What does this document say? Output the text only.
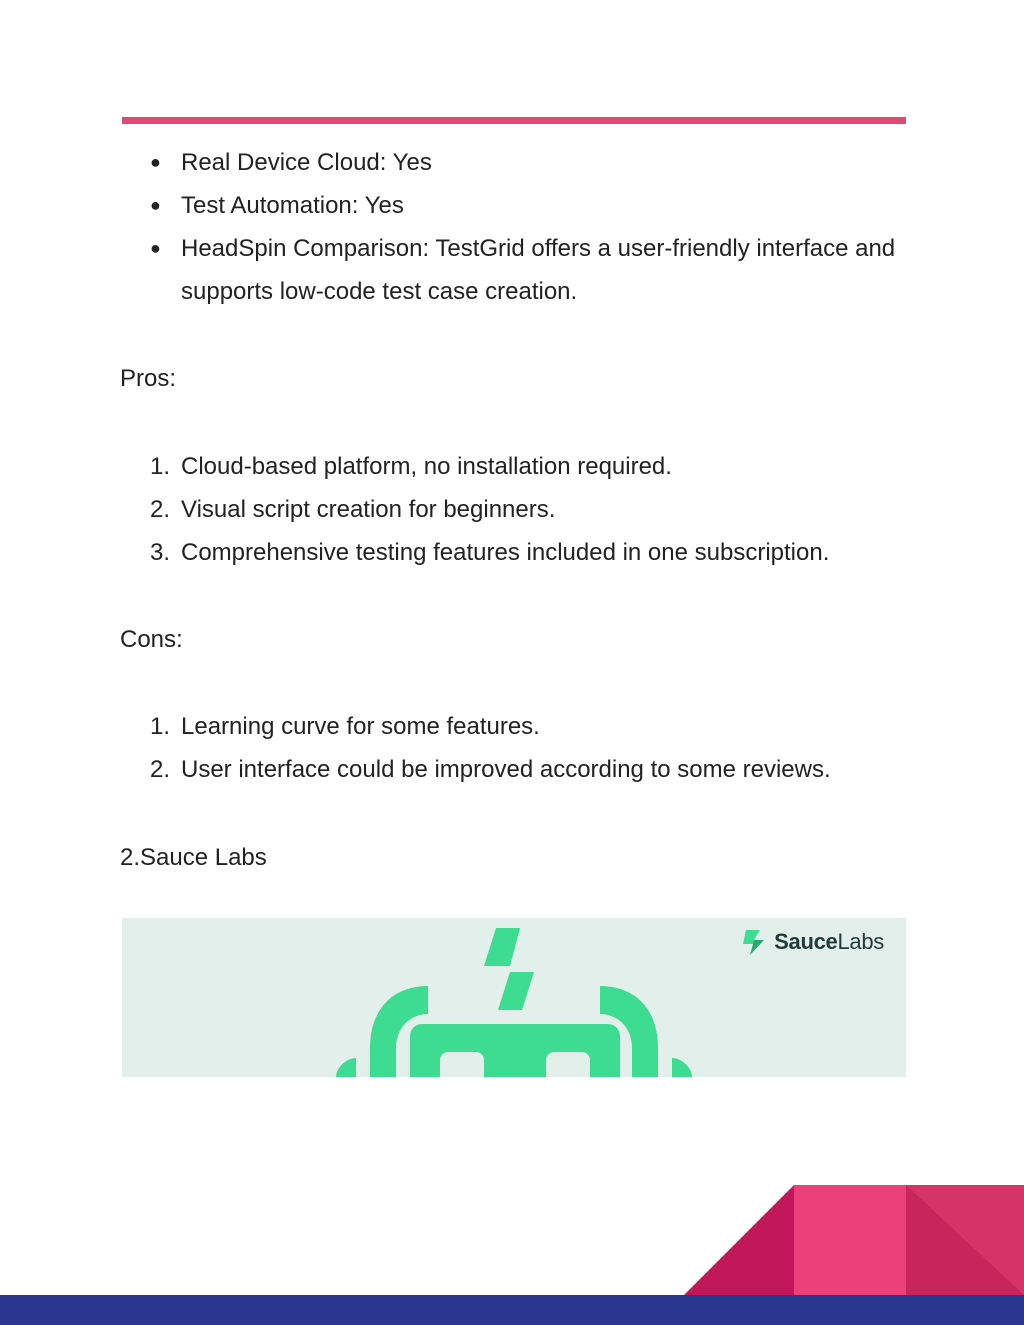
● Real Device Cloud: Yes
● Test Automation: Yes
● HeadSpin Comparison: TestGrid offers a user-friendly interface and supports low-code test case creation.
Pros:
1. Cloud-based platform, no installation required.
2. Visual script creation for beginners.
3. Comprehensive testing features included in one subscription.
Cons:
1. Learning curve for some features.
2. User interface could be improved according to some reviews.
2.Sauce Labs
SauceLabs
